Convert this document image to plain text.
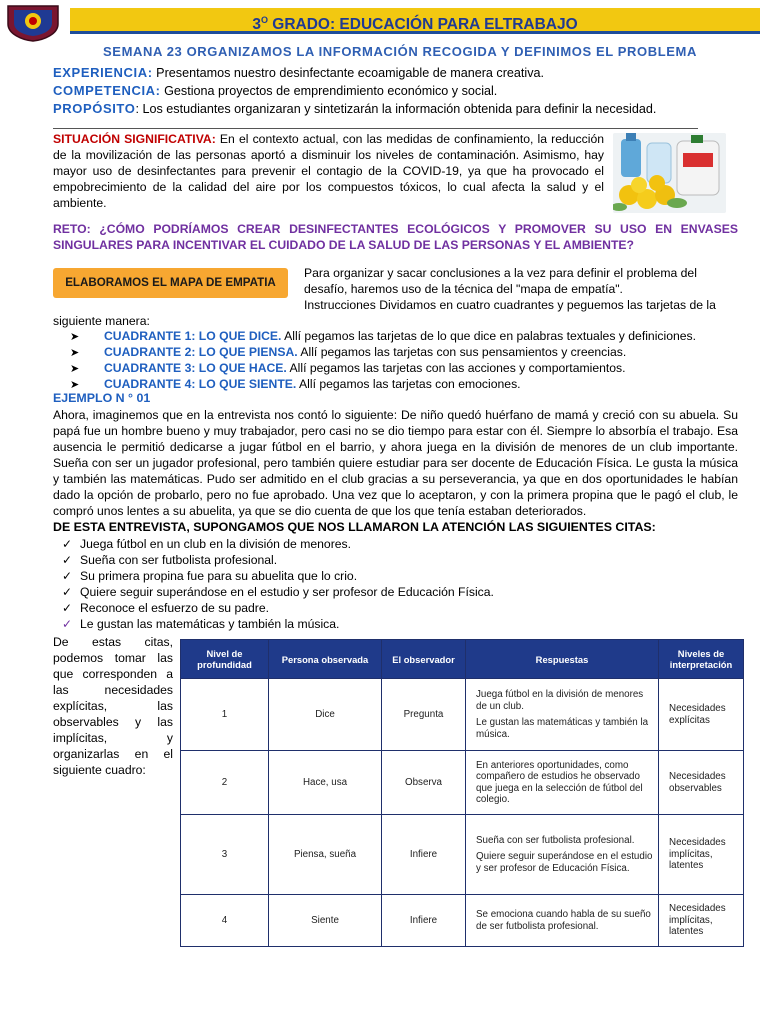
$3^O$ GRADO: EDUCACIÓN PARA ELTRABAJO
SEMANA 23 ORGANIZAMOS LA INFORMACIÓN RECOGIDA Y DEFINIMOS EL PROBLEMA
EXPERIENCIA: Presentamos nuestro desinfectante ecoamigable de manera creativa.
COMPETENCIA: Gestiona proyectos de emprendimiento económico y social.
PROPÓSITO: Los estudiantes organizaran y sintetizarán la información obtenida para definir la necesidad.
SITUACIÓN SIGNIFICATIVA: En el contexto actual, con las medidas de confinamiento, la reducción de la movilización de las personas aportó a disminuir los niveles de contaminación. Asimismo, hay mayor uso de desinfectantes para prevenir el contagio de la COVID-19, ya que ha provocado el empobrecimiento de la calidad del aire por los compuestos tóxicos, lo cual afecta la salud y el ambiente.
RETO: ¿CÓMO PODRÍAMOS CREAR DESINFECTANTES ECOLÓGICOS Y PROMOVER SU USO EN ENVASES SINGULARES PARA INCENTIVAR EL CUIDADO DE LA SALUD DE LAS PERSONAS Y EL AMBIENTE?
ELABORAMOS EL MAPA DE EMPATIA
Para organizar y sacar conclusiones a la vez para definir el problema del
desafío, haremos uso de la técnica del "mapa de empatía".
Instrucciones Dividamos en cuatro cuadrantes y peguemos las tarjetas de la
siguiente manera:
➤ CUADRANTE 1: LO QUE DICE. Allí pegamos las tarjetas de lo que dice en palabras textuales y definiciones.
➤ CUADRANTE 2: LO QUE PIENSA. Allí pegamos las tarjetas con sus pensamientos y creencias.
➤ CUADRANTE 3: LO QUE HACE. Allí pegamos las tarjetas con las acciones y comportamientos.
➤ CUADRANTE 4: LO QUE SIENTE. Allí pegamos las tarjetas con emociones.
EJEMPLO N ° 01
Ahora, imaginemos que en la entrevista nos contó lo siguiente: De niño quedó huérfano de mamá y creció con su abuela. Su papá fue un hombre bueno y muy trabajador, pero casi no se dio tiempo para estar con él. Siempre lo absorbía el trabajo. Esa ausencia le permitió dedicarse a jugar fútbol en el barrio, y ahora juega en la división de menores de un club importante. Sueña con ser un jugador profesional, pero también quiere estudiar para ser docente de Educación Física. Le gusta la música y también las matemáticas. Pudo ser admitido en el club gracias a su perseverancia, ya que en dos oportunidades le habían dado la opción de probarlo, pero no fue aprobado. Una vez que lo aceptaron, y con la primera propina que le pagó el club, le compró unos lentes a su abuelita, ya que se dio cuenta de que los que tenía estaban deteriorados.
DE ESTA ENTREVISTA, SUPONGAMOS QUE NOS LLAMARON LA ATENCIÓN LAS SIGUIENTES CITAS:
✓ Juega fútbol en un club en la división de menores.
✓ Sueña con ser futbolista profesional.
✓ Su primera propina fue para su abuelita que lo crio.
✓ Quiere seguir superándose en el estudio y ser profesor de Educación Física.
✓ Reconoce el esfuerzo de su padre.
✓ Le gustan las matemáticas y también la música.
De estas citas, podemos tomar las que corresponden a las necesidades explícitas, las observables y las implícitas, y organizarlas en el siguiente cuadro:
Nivel de profundidad	Persona observada	El observador	Respuestas	Niveles de interpretación
1	Dice	Pregunta	Juega fútbol en la división de menores de un club.
Le gustan las matemáticas y también la música.	Necesidades explícitas
2	Hace, usa	Observa	En anteriores oportunidades, como compañero de estudios he observado que juega en la selección de fútbol del colegio.	Necesidades observables
3	Piensa, sueña	Infiere	Sueña con ser futbolista profesional.
Quiere seguir superándose en el estudio y ser profesor de Educación Física.	Necesidades implícitas, latentes
4	Siente	Infiere	Se emociona cuando habla de su sueño de ser futbolista profesional.	Necesidades implícitas, latentes
